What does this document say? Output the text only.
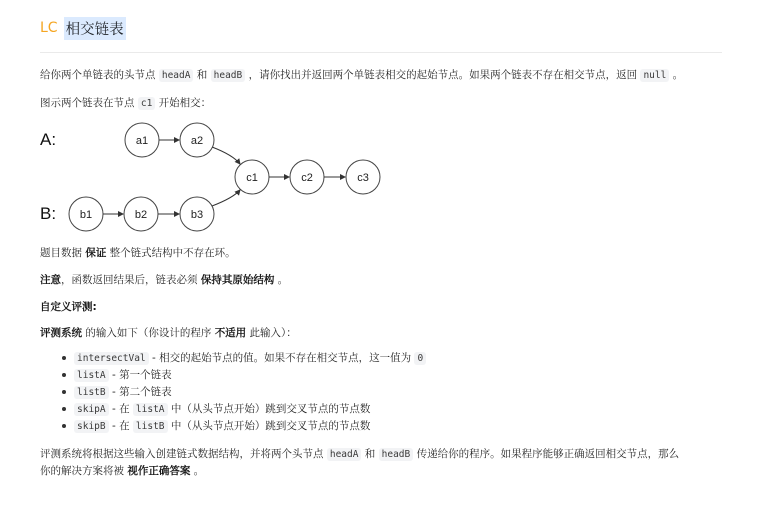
LC 相交链表
给你两个单链表的头节点 headA 和 headB ，请你找出并返回两个单链表相交的起始节点。如果两个链表不存在相交节点，返回 null 。
图示两个链表在节点 c1 开始相交：
A:
B:
a1	a2
c1	c2	c3
b1	b2	b3
题目数据 保证 整个链式结构中不存在环。
注意，函数返回结果后，链表必须 保持其原始结构 。
自定义评测:
评测系统 的输入如下（你设计的程序 不适用 此输入）：
intersectVal - 相交的起始节点的值。如果不存在相交节点，这一值为 0
listA - 第一个链表
listB - 第二个链表
skipA - 在 listA 中（从头节点开始）跳到交叉节点的节点数
skipB - 在 listB 中（从头节点开始）跳到交叉节点的节点数
评测系统将根据这些输入创建链式数据结构，并将两个头节点 headA 和 headB 传递给你的程序。如果程序能够正确返回相交节点，那么
你的解决方案将被 视作正确答案 。
